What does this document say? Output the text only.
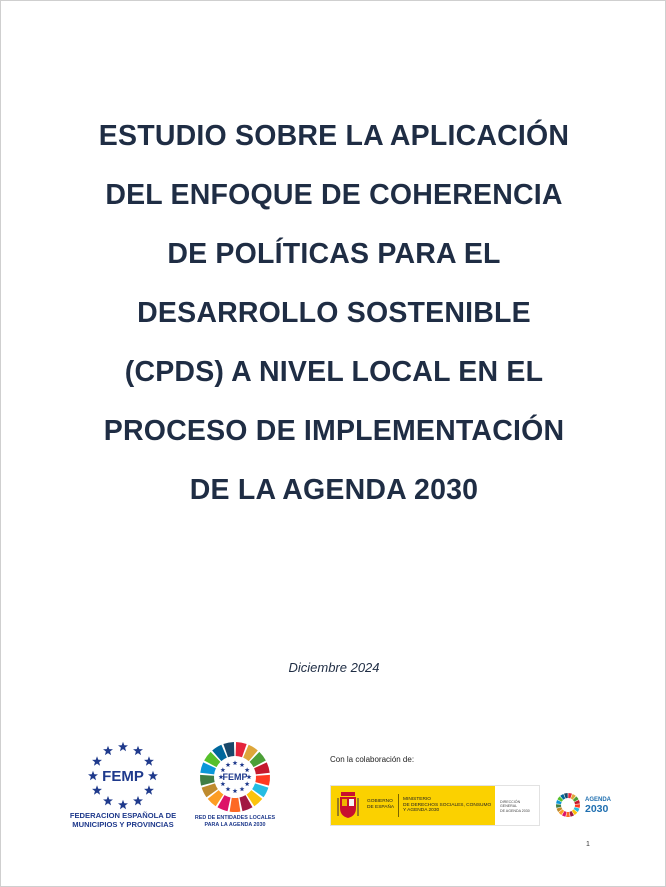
ESTUDIO SOBRE LA APLICACIÓN
DEL ENFOQUE DE COHERENCIA
DE POLÍTICAS PARA EL
DESARROLLO SOSTENIBLE
(CPDS) A NIVEL LOCAL EN EL
PROCESO DE IMPLEMENTACIÓN
DE LA AGENDA 2030
Diciembre 2024
FEMP
FEDERACION ESPAÑOLA DE
MUNICIPIOS Y PROVINCIAS
FEMP
RED DE ENTIDADES LOCALES
PARA LA AGENDA 2030
Con la colaboración de:
GOBIERNO
DE ESPAÑA
MINISTERIO
DE DERECHOS SOCIALES, CONSUMO
Y AGENDA 2030
DIRECCIÓN GENERAL
DE AGENDA 2030
AGENDA
2030
1
